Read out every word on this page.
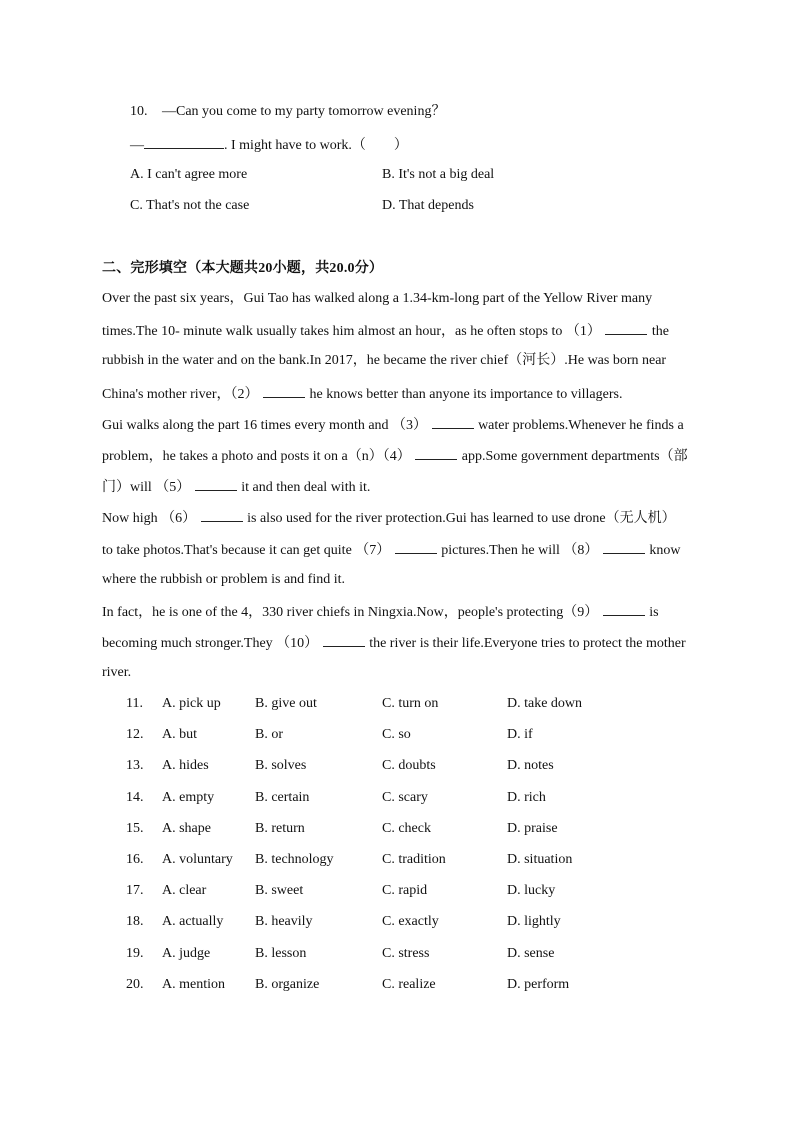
10. —Can you come to my party tomorrow evening？
—	. I might have to work.（　　）
A. I can't agree more	B. It's not a big deal
C. That's not the case	D. That depends
二、完形填空（本大题共20小题，共20.0分）
Over the past six years，Gui Tao has walked along a 1.34-km-long part of the Yellow River many
times.The 10- minute walk usually takes him almost an hour，as he often stops to （1）	the
rubbish in the water and on the bank.In 2017，he became the river chief（河长）.He was born near
China's mother river，（2）	he knows better than anyone its importance to villagers.
Gui walks along the part 16 times every month and （3）	water problems.Whenever he finds a
problem，he takes a photo and posts it on a（n）（4）	app.Some government departments（部
门）will （5）	it and then deal with it.
Now high （6）	is also used for the river protection.Gui has learned to use drone（无人机）
to take photos.That's because it can get quite （7）	pictures.Then he will （8）	know
where the rubbish or problem is and find it.
In fact，he is one of the 4，330 river chiefs in Ningxia.Now，people's protecting（9）	is
becoming much stronger.They （10）	the river is their life.Everyone tries to protect the mother
river.
11. A. pick up B. give out	C. turn on	D. take down
12. A. but	B. or	C. so	D. if
13. A. hides	B. solves	C. doubts	D. notes
14. A. empty	B. certain	C. scary	D. rich
15. A. shape	B. return	C. check	D. praise
16. A. voluntary B. technology	C. tradition	D. situation
17. A. clear	B. sweet	C. rapid	D. lucky
18. A. actually B. heavily	C. exactly	D. lightly
19. A. judge	B. lesson	C. stress	D. sense
20. A. mention B. organize	C. realize	D. perform
